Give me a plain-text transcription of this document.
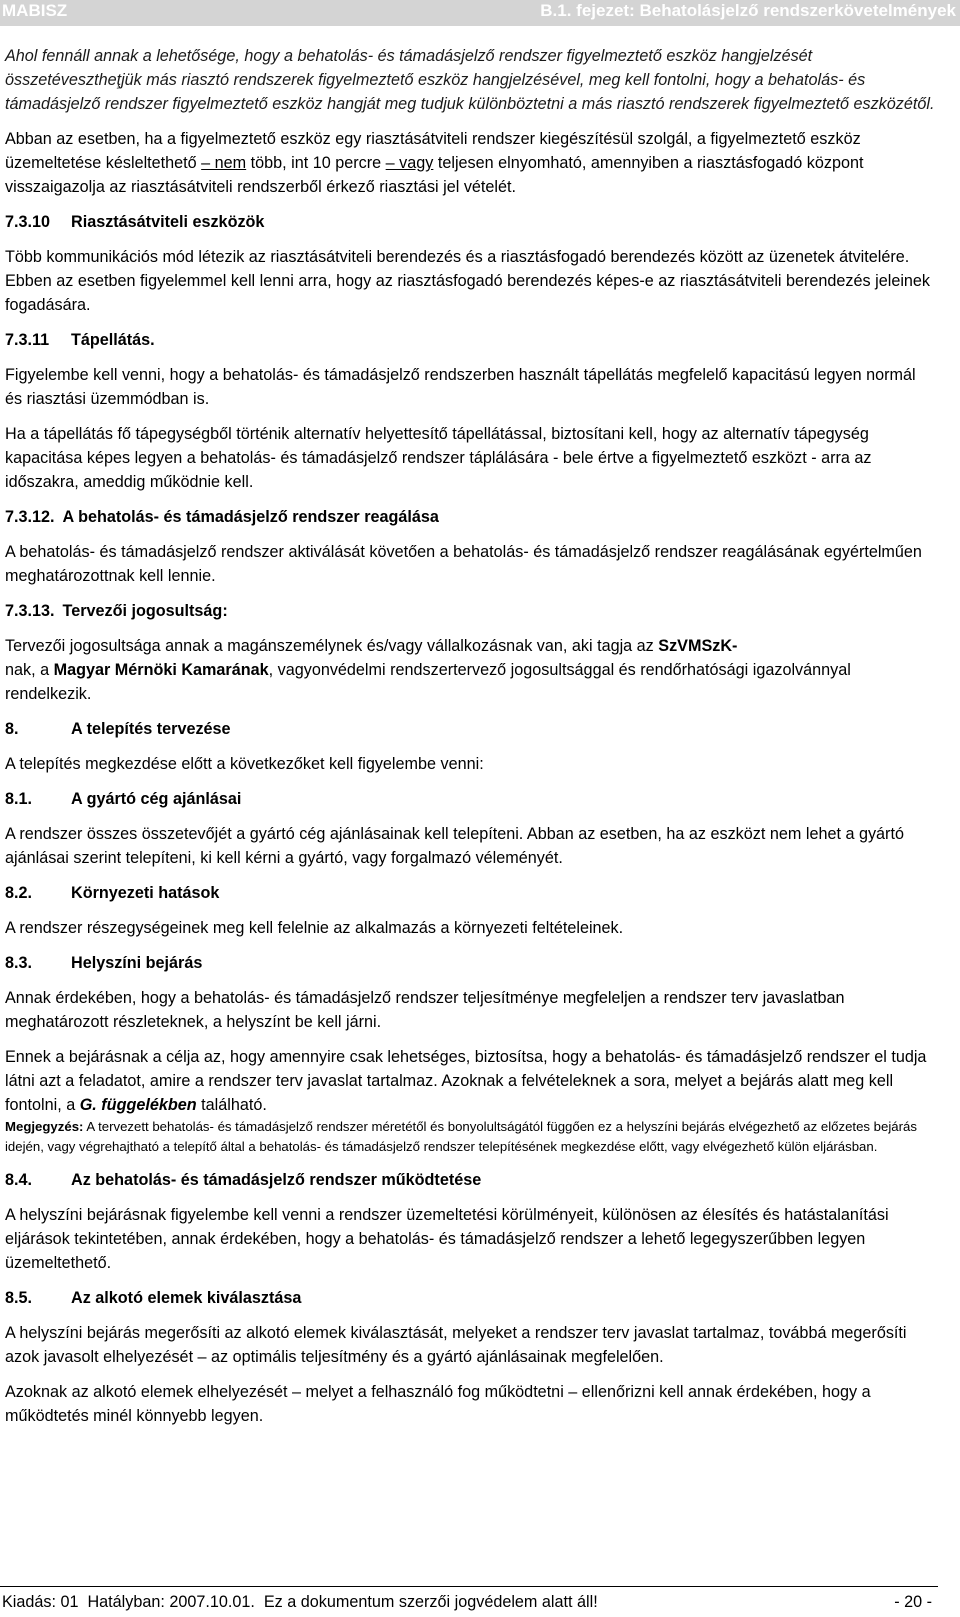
MABISZ	B.1. fejezet: Behatolásjelző rendszerkövetelmények

Ahol fennáll annak a lehetősége, hogy a behatolás- és támadásjelző rendszer figyelmeztető eszköz hangjelzését összetévesztheţjük más riasztó rendszerek figyelmeztető eszköz hangjelzésével, meg kell fontolni, hogy a behatolás- és támadásjelző rendszer figyelmeztető eszköz hangját meg tudjuk különböztetni a más riasztó rendszerek figyelmeztető eszközétől.

Abban az esetben, ha a figyelmeztető eszköz egy riasztásátviteli rendszer kiegészítésül szolgál, a figyelmeztető eszköz üzemeltetése késleltethető – nem több, int 10 percre – vagy teljesen elnyomható, amennyiben a riasztásfogadó központ visszaigazolja az riasztásátviteli rendszerből érkező riasztási jel vételét.

7.3.10 Riasztásátviteli eszközök

Több kommunikációs mód létezik az riasztásátviteli berendezés és a riasztásfogadó berendezés között az üzenetek átvitelére. Ebben az esetben figyelemmel kell lenni arra, hogy az riasztásfogadó berendezés képes-e az riasztásátviteli berendezés jeleinek fogadására.

7.3.11 Tápellátás.

Figyelembe kell venni, hogy a behatolás- és támadásjelző rendszerben használt tápellátás megfelelő kapacitású legyen normál és riasztási üzemmódban is.

Ha a tápellátás fő tápegységből történik alternatív helyettesítő tápellátással, biztosítani kell, hogy az alternatív tápegység kapacitása képes legyen a behatolás- és támadásjelző rendszer táplálására - bele értve a figyelmeztető eszközt - arra az időszakra, ameddig működnie kell.

7.3.12. A behatolás- és támadásjelző rendszer reagálása

A behatolás- és támadásjelző rendszer aktiválását követően a behatolás- és támadásjelző rendszer reagálásának egyértelműen meghatározottnak kell lennie.

7.3.13. Tervezői jogosultság:

Tervezői jogosultsága annak a magánszemélynek és/vagy vállalkozásnak van, aki tagja az SzVMSzK-
nak, a Magyar Mérnöki Kamarának, vagyonvédelmi rendszertervező jogosultsággal és rendőrhatósági igazolvánnyal rendelkezik.

8.	A telepítés tervezése

A telepítés megkezdése előtt a következőket kell figyelembe venni:

8.1. A gyártó cég ajánlásai

A rendszer összes összetevőjét a gyártó cég ajánlásainak kell telepíteni. Abban az esetben, ha az eszközt nem lehet a gyártó ajánlásai szerint telepíteni, ki kell kérni a gyártó, vagy forgalmazó véleményét.

8.2. Környezeti hatások

A rendszer részegységeinek meg kell felelnie az alkalmazás a környezeti feltételeinek.

8.3. Helyszíni bejárás

Annak érdekében, hogy a behatolás- és támadásjelző rendszer teljesítménye megfeleljen a rendszer terv javaslatban meghatározott részleteknek, a helyszínt be kell járni.

Ennek a bejárásnak a célja az, hogy amennyire csak lehetséges, biztosítsa, hogy a behatolás- és támadásjelző rendszer el tudja látni azt a feladatot, amire a rendszer terv javaslat tartalmaz. Azoknak a felvételeknek a sora, melyet a bejárás alatt meg kell fontolni, a G. függelékben található.

Megjegyzés: A tervezett behatolás- és támadásjelző rendszer méretétől és bonyolultságától függően ez a helyszíni bejárás elvégezhető az előzetes bejárás idején, vagy végrehajtható a telepítő által a behatolás- és támadásjelző rendszer telepítésének megkezdése előtt, vagy elvégezhető külön eljárásban.
8.4. Az behatolás- és támadásjelző rendszer működtetése

A helyszíni bejárásnak figyelembe kell venni a rendszer üzemeltetési körülményeit, különösen az élesítés és hatástalanítási eljárások tekintetében, annak érdekében, hogy a behatolás- és támadásjelző rendszer a lehető legegyszerűbben legyen üzemeltethető.

8.5. Az alkotó elemek kiválasztása

A helyszíni bejárás megerősíti az alkotó elemek kiválasztását, melyeket a rendszer terv javaslat tartalmaz, továbbá megerősíti azok javasolt elhelyezését – az optimális teljesítmény és a gyártó ajánlásainak megfelelően.

Azoknak az alkotó elemek elhelyezését – melyet a felhasználó fog működtetni – ellenőrizni kell annak érdekében, hogy a működtetés minél könnyebb legyen.

Kiadás: 01  Hatályban: 2007.10.01.  Ez a dokumentum szerzői jogvédelem alatt áll!	- 20 -
